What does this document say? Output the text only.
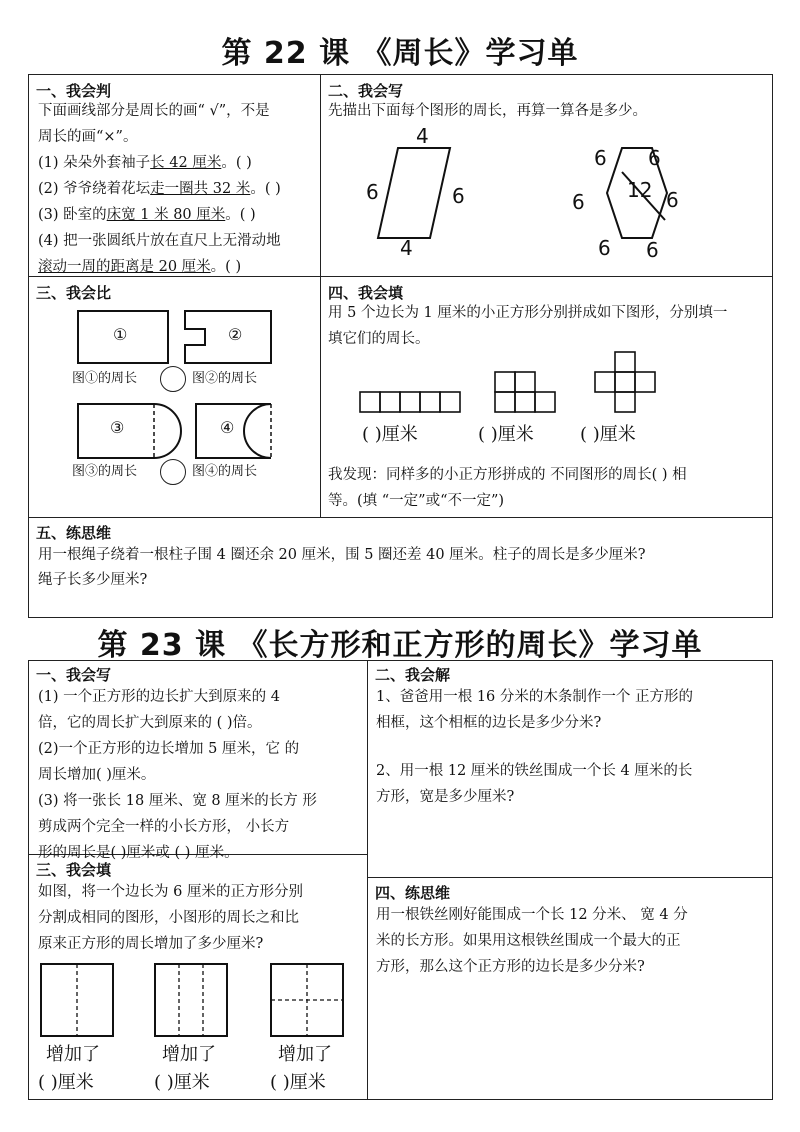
第 22 课 《周长》学习单
一、我会判
下面画线部分是周长的画“ √”，不是
周长的画“×”。
(1) 朵朵外套袖子长 42 厘米。( )
(2) 爷爷绕着花坛走一圈共 32 米。( )
(3) 卧室的床宽 1 米 80 厘米。( )
(4) 把一张圆纸片放在直尺上无滑动地
滚动一周的距离是 20 厘米。( )
二、我会写
先描出下面每个图形的周长，再算一算各是多少。
4
6	6
4
6 6
6	6
6 6
12
三、我会比
①	②
③	④
图①的周长	图②的周长
图③的周长	图④的周长
四、我会填
用 5 个边长为 1 厘米的小正方形分别拼成如下图形，分别填一
填它们的周长。
( )厘米	( )厘米	( )厘米
我发现：同样多的小正方形拼成的 不同图形的周长( ) 相
等。(填 “一定”或“不一定”)
五、练思维
用一根绳子绕着一根柱子围 4 圈还余 20 厘米，围 5 圈还差 40 厘米。柱子的周长是多少厘米?
绳子长多少厘米?
第 23 课 《长方形和正方形的周长》学习单
一、我会写
(1) 一个正方形的边长扩大到原来的 4
倍，它的周长扩大到原来的 ( )倍。
(2)一个正方形的边长增加 5 厘米，它 的
周长增加( )厘米。
(3) 将一张长 18 厘米、宽 8 厘米的长方 形
剪成两个完全一样的小长方形， 小长方
形的周长是( )厘米或 ( ) 厘米。
二、我会解
1、爸爸用一根 16 分米的木条制作一个 正方形的
相框，这个相框的边长是多少分米?
2、用一根 12 厘米的铁丝围成一个长 4 厘米的长
方形，宽是多少厘米?
三、我会填
如图，将一个边长为 6 厘米的正方形分别
分割成相同的图形，小图形的周长之和比
原来正方形的周长增加了多少厘米?
增加了
( )厘米
增加了
( )厘米
增加了
( )厘米
四、练思维
用一根铁丝刚好能围成一个长 12 分米、 宽 4 分
米的长方形。如果用这根铁丝围成一个最大的正
方形，那么这个正方形的边长是多少分米?
